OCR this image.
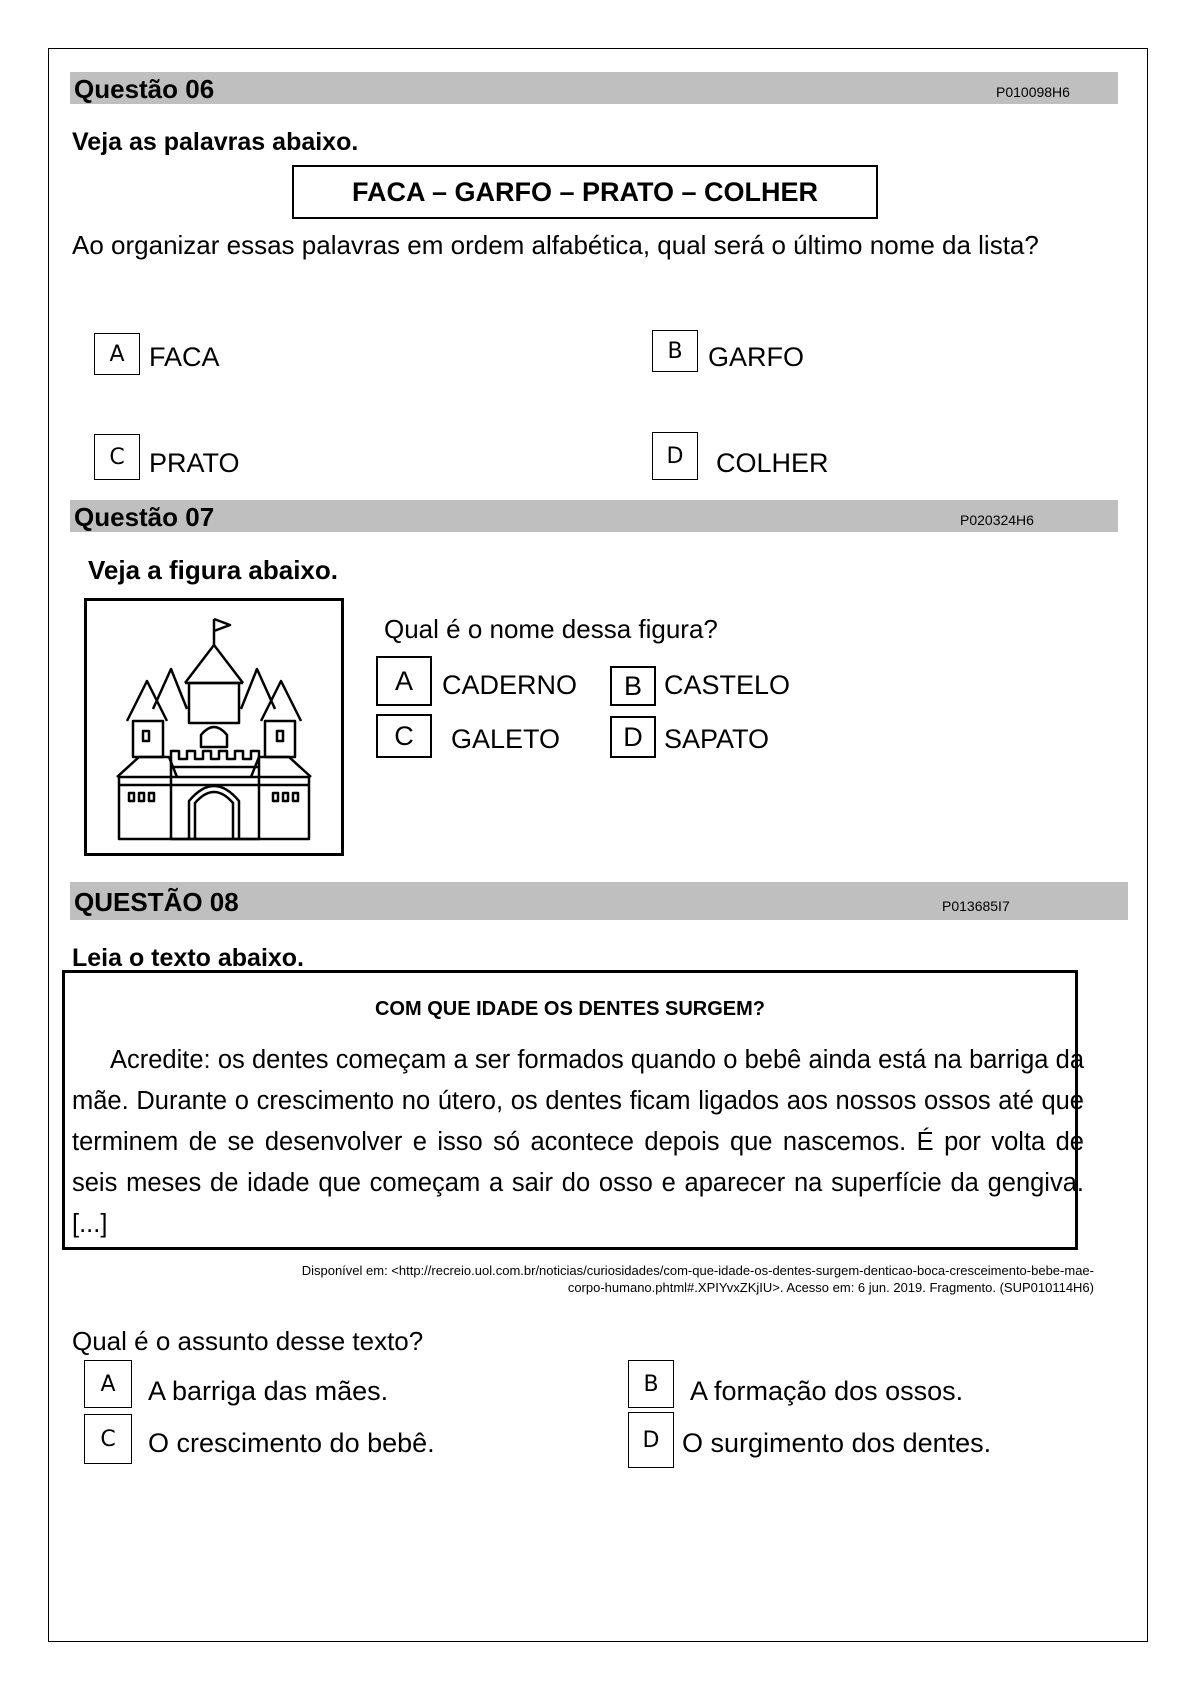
Questão 06	P010098H6
Veja as palavras abaixo.
FACA – GARFO – PRATO – COLHER
Ao organizar essas palavras em ordem alfabética, qual será o último nome da lista?
A FACA	B GARFO
C PRATO	D	COLHER
Questão 07	P020324H6
Veja a figura abaixo.
Qual é o nome dessa figura?
A	CADERNO	B CASTELO
C	GALETO	D SAPATO
QUESTÃO 08	P013685I7
Leia o texto abaixo.
COM QUE IDADE OS DENTES SURGEM?

Acredite: os dentes começam a ser formados quando o bebê ainda está na barriga da mãe. Durante o crescimento no útero, os dentes ficam ligados aos nossos ossos até que terminem de se desenvolver e isso só acontece depois que nascemos. É por volta de seis meses de idade que começam a sair do osso e aparecer na superfície da gengiva. [...]

Disponível em: <http://recreio.uol.com.br/noticias/curiosidades/com-que-idade-os-dentes-surgem-denticao-boca-cresceimento-bebe-mae-
corpo-humano.phtml#.XPIYvxZKjIU>. Acesso em: 6 jun. 2019. Fragmento. (SUP010114H6)
Qual é o assunto desse texto?
A	A barriga das mães.	B	A formação dos ossos.
C	O crescimento do bebê.	D O surgimento dos dentes.
